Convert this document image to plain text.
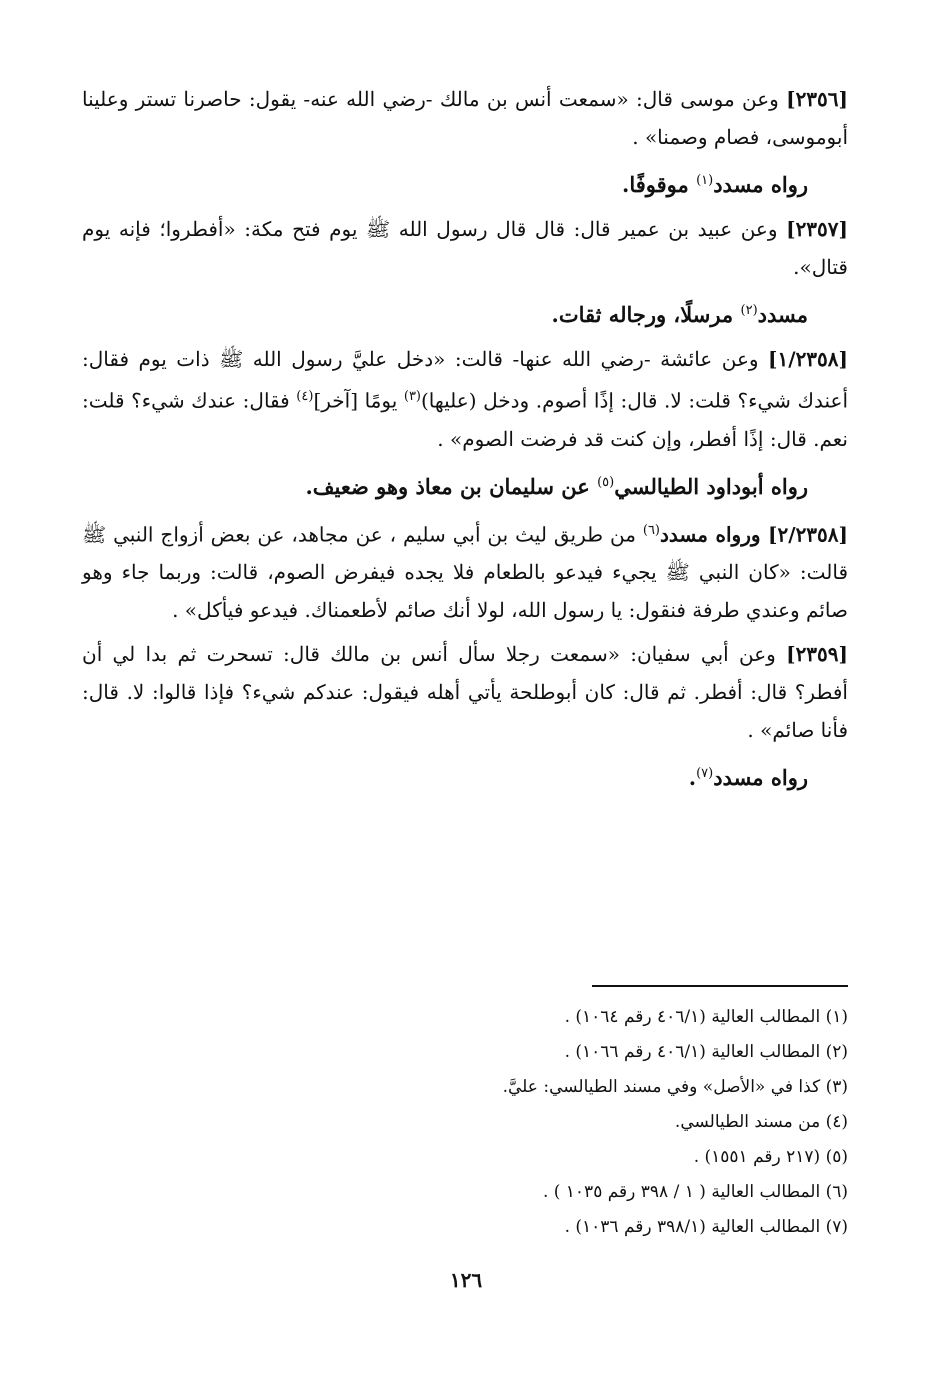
[٢٣٥٦] وعن موسى قال: «سمعت أنس بن مالك -رضي الله عنه- يقول: حاصرنا تستر وعلينا أبوموسى، فصام وصمنا» .

رواه مسدد$^{(١)}$ موقوفًا.

[٢٣٥٧] وعن عبيد بن عمير قال: قال قال رسول الله ﷺ يوم فتح مكة: «أفطروا؛ فإنه يوم قتال».

مسدد$^{(٢)}$ مرسلًا، ورجاله ثقات.

[١/٢٣٥٨] وعن عائشة -رضي الله عنها- قالت: «دخل عليَّ رسول الله ﷺ ذات يوم فقال: أعندك شيء؟ قلت: لا. قال: إذًا أصوم. ودخل (عليها)$^{(٣)}$ يومًا [آخر]$^{(٤)}$ فقال: عندك شيء؟ قلت: نعم. قال: إذًا أفطر، وإن كنت قد فرضت الصوم» .

رواه أبوداود الطيالسي$^{(٥)}$ عن سليمان بن معاذ وهو ضعيف.

[٢/٢٣٥٨] ورواه مسدد$^{(٦)}$ من طريق ليث بن أبي سليم ، عن مجاهد، عن بعض أزواج النبي ﷺ قالت: «كان النبي ﷺ يجيء فيدعو بالطعام فلا يجده فيفرض الصوم، قالت: وربما جاء وهو صائم وعندي طرفة فنقول: يا رسول الله، لولا أنك صائم لأطعمناك. فيدعو فيأكل» .

[٢٣٥٩] وعن أبي سفيان: «سمعت رجلا سأل أنس بن مالك قال: تسحرت ثم بدا لي أن أفطر؟ قال: أفطر. ثم قال: كان أبوطلحة يأتي أهله فيقول: عندكم شيء؟ فإذا قالوا: لا. قال: فأنا صائم» .

رواه مسدد$^{(٧)}$.

(١) المطالب العالية (٤٠٦/١ رقم ١٠٦٤) .
(٢) المطالب العالية (٤٠٦/١ رقم ١٠٦٦) .
(٣) كذا في «الأصل» وفي مسند الطيالسي: عليَّ.
(٤) من مسند الطيالسي.
(٥) (٢١٧ رقم ١٥٥١) .
(٦) المطالب العالية ( ١ / ٣٩٨ رقم ١٠٣٥ ) .
(٧) المطالب العالية (٣٩٨/١ رقم ١٠٣٦) .
١٢٦
